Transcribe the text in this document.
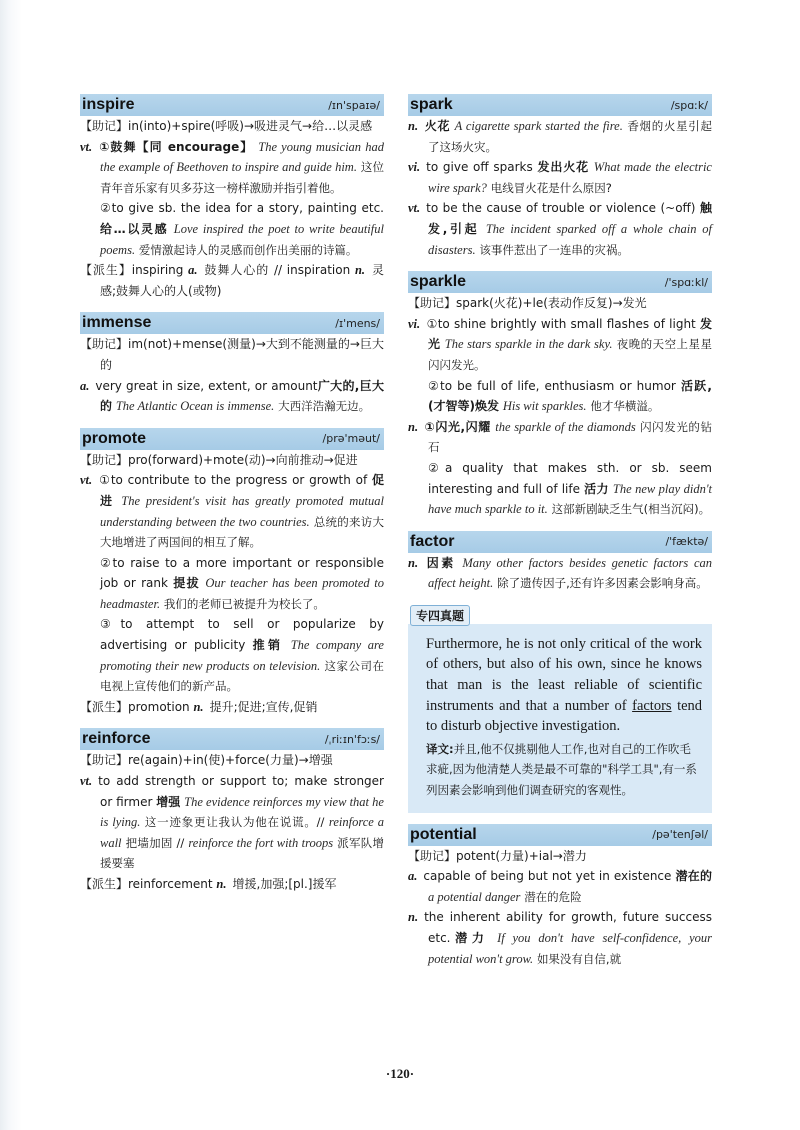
inspire	/ɪn'spaɪə/
【助记】in(into)+spire(呼吸)→吸进灵气→给…以灵感
vt. ①鼓舞【同 encourage】 The young musician had the example of Beethoven to inspire and guide him. 这位青年音乐家有贝多芬这一榜样激励并指引着他。
②to give sb. the idea for a story, painting etc. 给…以灵感 Love inspired the poet to write beautiful poems. 爱情激起诗人的灵感而创作出美丽的诗篇。
【派生】inspiring a. 鼓舞人心的 // inspiration n. 灵感;鼓舞人心的人(或物)
immense	/ɪ'mens/
【助记】im(not)+mense(测量)→大到不能测量的→巨大的
a. very great in size, extent, or amount广大的,巨大的 The Atlantic Ocean is immense. 大西洋浩瀚无边。
promote	/prə'məut/
【助记】pro(forward)+mote(动)→向前推动→促进
vt. ①to contribute to the progress or growth of 促进 The president's visit has greatly promoted mutual understanding between the two countries. 总统的来访大大地增进了两国间的相互了解。
②to raise to a more important or responsible job or rank 提拔 Our teacher has been promoted to headmaster. 我们的老师已被提升为校长了。
③to attempt to sell or popularize by advertising or publicity 推销 The company are promoting their new products on television. 这家公司在电视上宣传他们的新产品。
【派生】promotion n. 提升;促进;宣传,促销
reinforce	/ˌriːɪn'fɔːs/
【助记】re(again)+in(使)+force(力量)→增强
vt. to add strength or support to; make stronger or firmer 增强 The evidence reinforces my view that he is lying. 这一迹象更让我认为他在说谎。// reinforce a wall 把墙加固 // reinforce the fort with troops 派军队增援要塞
【派生】reinforcement n. 增援,加强;[pl.]援军
spark	/spɑːk/
n. 火花 A cigarette spark started the fire. 香烟的火星引起了这场火灾。
vi. to give off sparks 发出火花 What made the electric wire spark? 电线冒火花是什么原因?
vt. to be the cause of trouble or violence (~off) 触发,引起 The incident sparked off a whole chain of disasters. 该事件惹出了一连串的灾祸。
sparkle	/'spɑːkl/
【助记】spark(火花)+le(表动作反复)→发光
vi. ①to shine brightly with small flashes of light 发光 The stars sparkle in the dark sky. 夜晚的天空上星星闪闪发光。
②to be full of life, enthusiasm or humor 活跃,(才智等)焕发 His wit sparkles. 他才华横溢。
n. ①闪光,闪耀 the sparkle of the diamonds 闪闪发光的钻石
②a quality that makes sth. or sb. seem interesting and full of life 活力 The new play didn't have much sparkle to it. 这部新剧缺乏生气(相当沉闷)。
factor	/'fæktə/
n. 因素 Many other factors besides genetic factors can affect height. 除了遗传因子,还有许多因素会影响身高。
专四真题
Furthermore, he is not only critical of the work of others, but also of his own, since he knows that man is the least reliable of scientific instruments and that a number of factors tend to disturb objective investigation.
译文:并且,他不仅挑剔他人工作,也对自己的工作吹毛求疵,因为他清楚人类是最不可靠的"科学工具",有一系列因素会影响到他们调查研究的客观性。
potential	/pə'tenʃəl/
【助记】potent(力量)+ial→潜力
a. capable of being but not yet in existence 潜在的 a potential danger 潜在的危险
n. the inherent ability for growth, future success etc.潜力 If you don't have self-confidence, your potential won't grow. 如果没有自信,就
·120·
